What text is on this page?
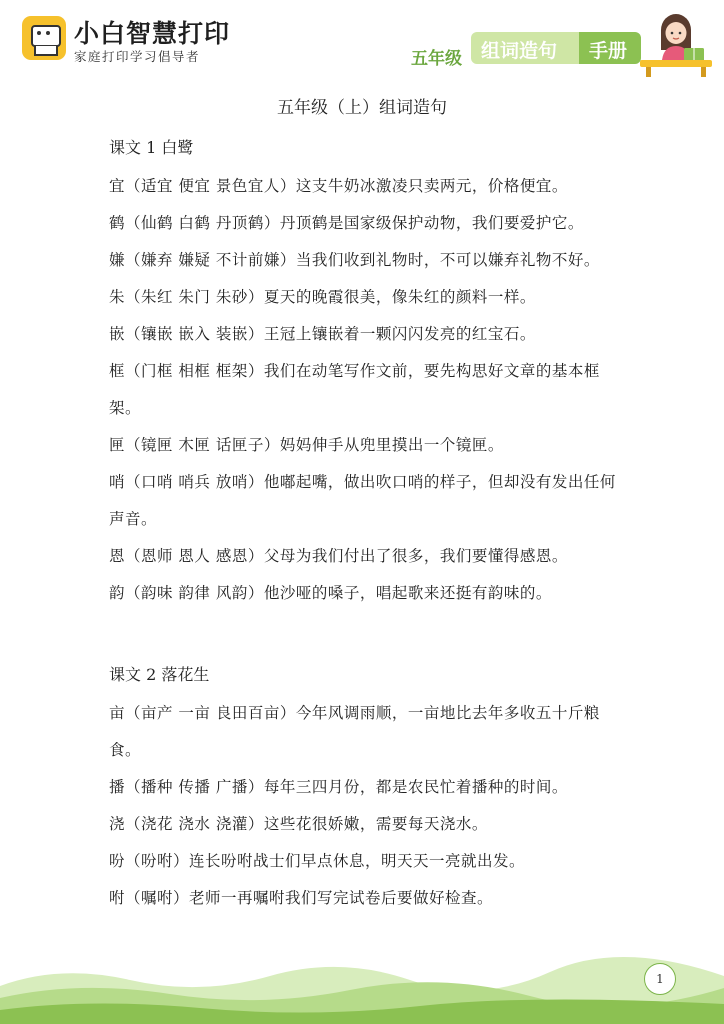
小白智慧打印
家庭打印学习倡导者	五年级 组词造句 手册
五年级（上）组词造句
课文 1 白鹭
宜（适宜 便宜 景色宜人）这支牛奶冰激凌只卖两元，价格便宜。
鹤（仙鹤 白鹤 丹顶鹤）丹顶鹤是国家级保护动物，我们要爱护它。
嫌（嫌弃 嫌疑 不计前嫌）当我们收到礼物时，不可以嫌弃礼物不好。
朱（朱红 朱门 朱砂）夏天的晚霞很美，像朱红的颜料一样。
嵌（镶嵌 嵌入 装嵌）王冠上镶嵌着一颗闪闪发亮的红宝石。
框（门框 相框 框架）我们在动笔写作文前，要先构思好文章的基本框架。
匣（镜匣 木匣 话匣子）妈妈伸手从兜里摸出一个镜匣。
哨（口哨 哨兵 放哨）他嘟起嘴，做出吹口哨的样子，但却没有发出任何声音。
恩（恩师 恩人 感恩）父母为我们付出了很多，我们要懂得感恩。
韵（韵味 韵律 风韵）他沙哑的嗓子，唱起歌来还挺有韵味的。
课文 2 落花生
亩（亩产 一亩 良田百亩）今年风调雨顺，一亩地比去年多收五十斤粮食。
播（播种 传播 广播）每年三四月份，都是农民忙着播种的时间。
浇（浇花 浇水 浇灌）这些花很娇嫩，需要每天浇水。
吩（吩咐）连长吩咐战士们早点休息，明天天一亮就出发。
咐（嘱咐）老师一再嘱咐我们写完试卷后要做好检查。
1
